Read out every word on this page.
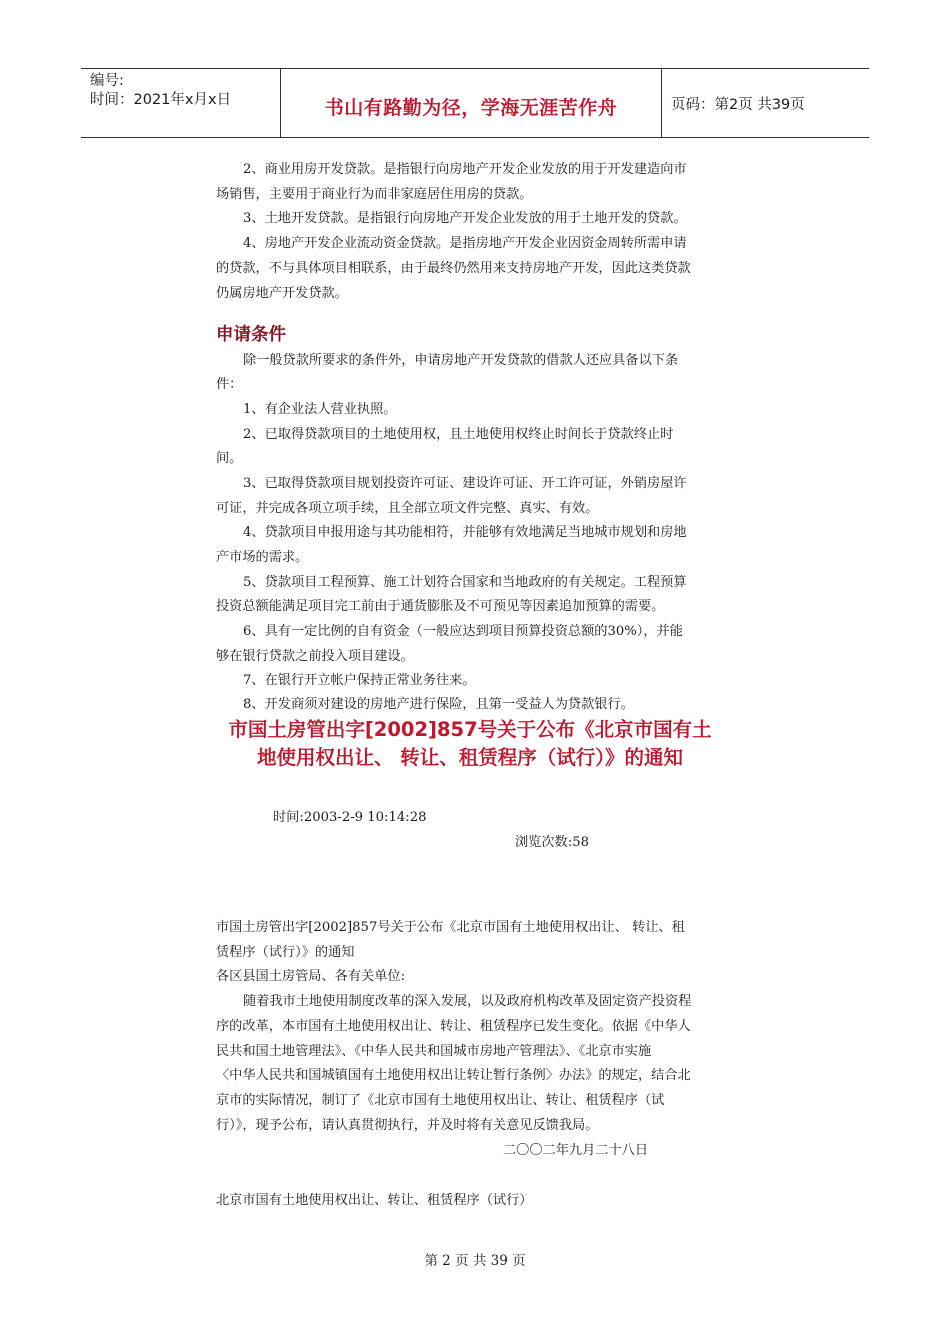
编号:
时间：2021年x月x日	书山有路勤为径，学海无涯苦作舟	页码：第2页 共39页
2、商业用房开发贷款。是指银行向房地产开发企业发放的用于开发建造向市
场销售，主要用于商业行为而非家庭居住用房的贷款。
3、土地开发贷款。是指银行向房地产开发企业发放的用于土地开发的贷款。
4、房地产开发企业流动资金贷款。是指房地产开发企业因资金周转所需申请
的贷款，不与具体项目相联系，由于最终仍然用来支持房地产开发，因此这类贷款
仍属房地产开发贷款。
申请条件
除一般贷款所要求的条件外，申请房地产开发贷款的借款人还应具备以下条
件：
1、有企业法人营业执照。
2、已取得贷款项目的土地使用权，且土地使用权终止时间长于贷款终止时
间。
3、已取得贷款项目规划投资许可证、建设许可证、开工许可证，外销房屋许
可证，并完成各项立项手续，且全部立项文件完整、真实、有效。
4、贷款项目申报用途与其功能相符，并能够有效地满足当地城市规划和房地
产市场的需求。
5、贷款项目工程预算、施工计划符合国家和当地政府的有关规定。工程预算
投资总额能满足项目完工前由于通货膨胀及不可预见等因素追加预算的需要。
6、具有一定比例的自有资金（一般应达到项目预算投资总额的30%），并能
够在银行贷款之前投入项目建设。
7、在银行开立帐户保持正常业务往来。
8、开发商须对建设的房地产进行保险，且第一受益人为贷款银行。
市国土房管出字[2002]857号关于公布《北京市国有土
地使用权出让、 转让、租赁程序（试行）》的通知
时间:2003-2-9 10:14:28
浏览次数:58
市国土房管出字[2002]857号关于公布《北京市国有土地使用权出让、 转让、租
赁程序（试行）》的通知
各区县国土房管局、各有关单位:
随着我市土地使用制度改革的深入发展，以及政府机构改革及固定资产投资程
序的改革，本市国有土地使用权出让、转让、租赁程序已发生变化。依据《中华人
民共和国土地管理法》、《中华人民共和国城市房地产管理法》、《北京市实施
〈中华人民共和国城镇国有土地使用权出让转让暂行条例〉办法》的规定，结合北
京市的实际情况，制订了《北京市国有土地使用权出让、转让、租赁程序（试
行）》，现予公布，请认真贯彻执行，并及时将有关意见反馈我局。
二〇〇二年九月二十八日
北京市国有土地使用权出让、转让、租赁程序（试行）
第 2 页 共 39 页
